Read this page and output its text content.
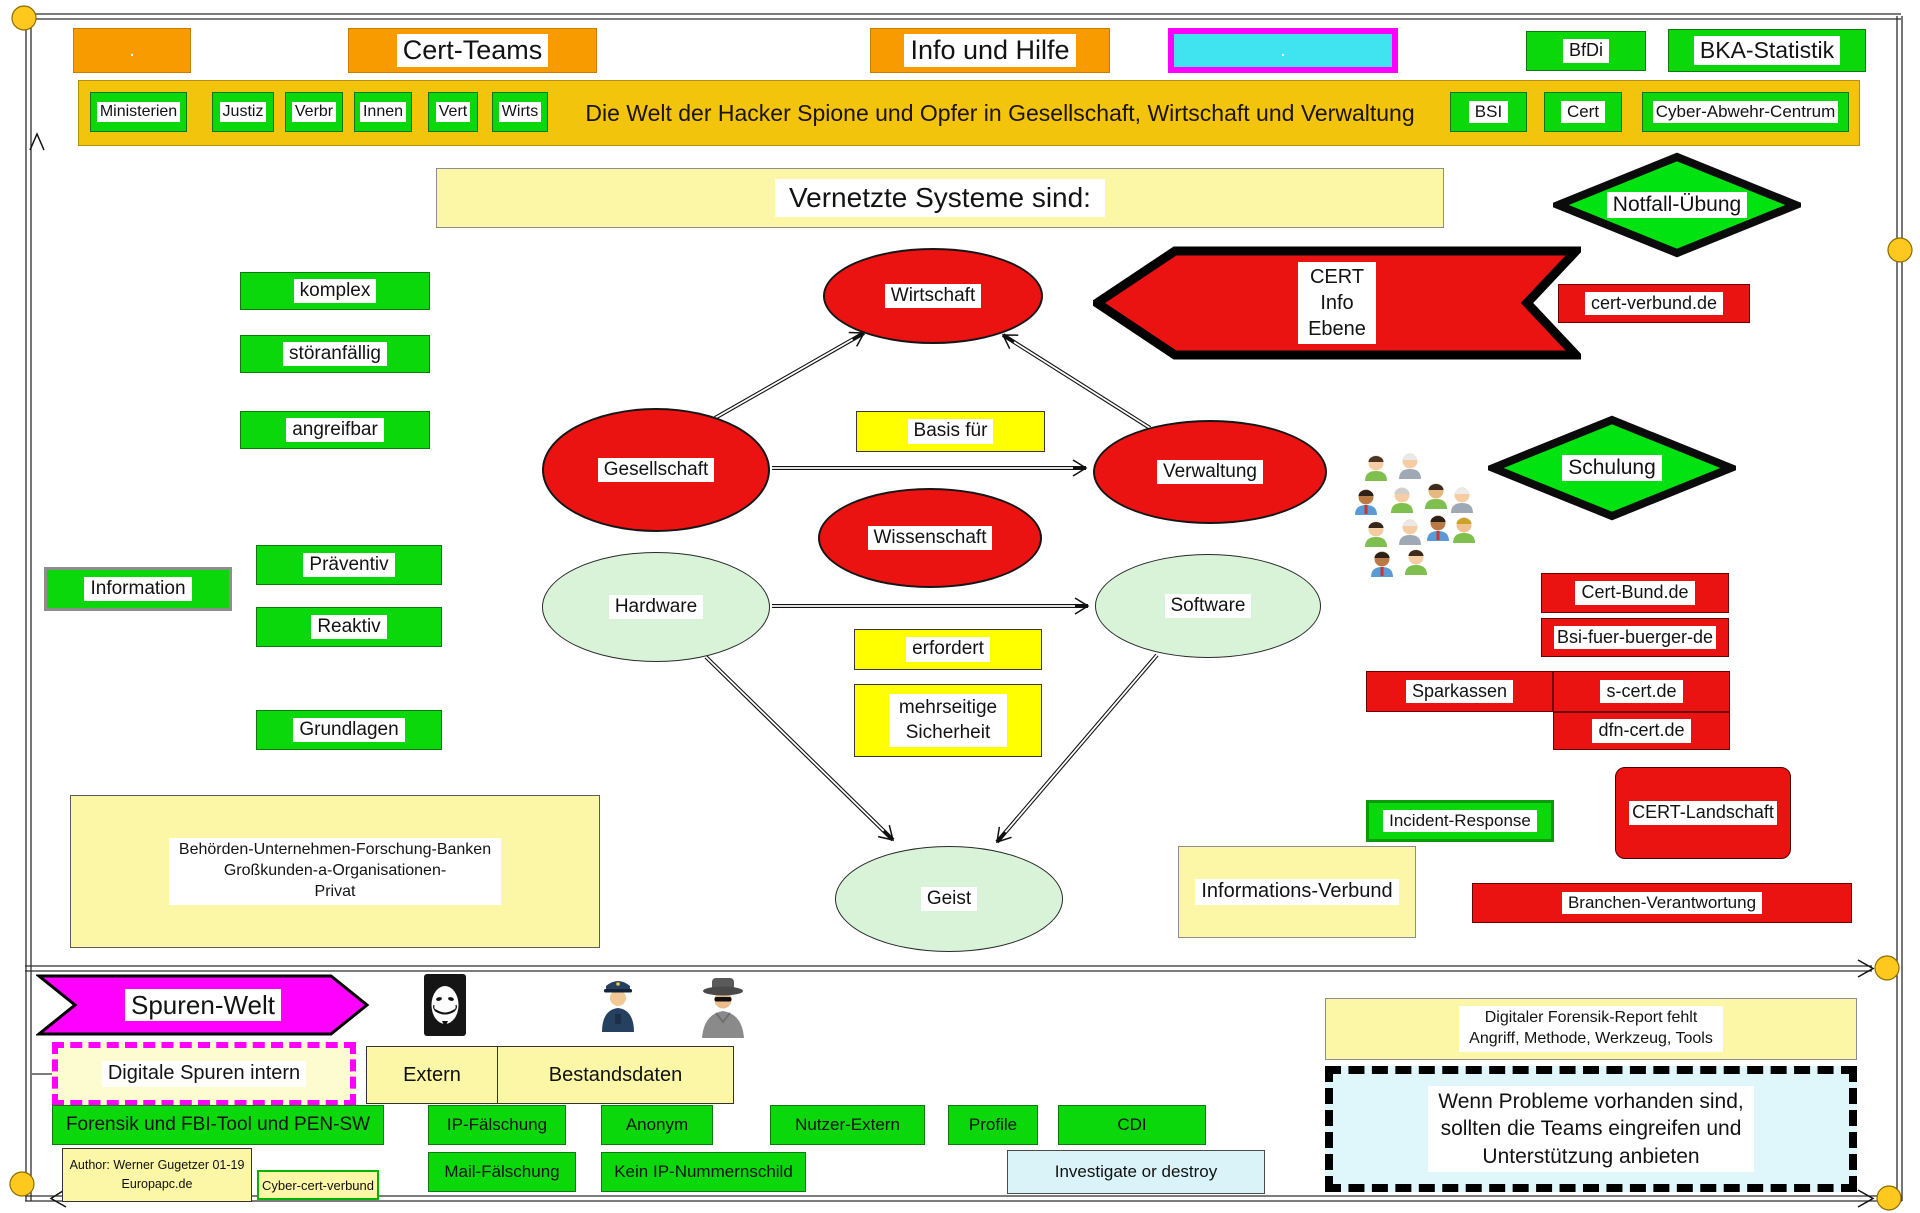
.	Cert-Teams	Info und Hilfe	.	BfDi	BKA-Statistik
Ministerien	Justiz Verbr Innen Vert Wirts Die Welt der Hacker Spione und Opfer in Gesellschaft, Wirtschaft und Verwaltung	BSI	Cert	Cyber-Abwehr-Centrum
Vernetzte Systeme sind:
komplex
störanfällig
angreifbar
Information
Präventiv
Reaktiv
Grundlagen
Behörden-Unternehmen-Forschung-Banken
Großkunden-a-Organisationen-
Privat
Wirtschaft
Gesellschaft	Verwaltung
Wissenschaft
Hardware	Software
Geist
Basis für
erfordert
mehrseitige
Sicherheit
CERT
Info
Ebene
Notfall-Übung
Schulung
cert-verbund.de
Cert-Bund.de
Bsi-fuer-buerger-de
Sparkassen	s-cert.de
dfn-cert.de
Incident-Response	CERT-Landschaft
Informations-Verbund
Branchen-Verantwortung
Spuren-Welt
Digitale Spuren intern	Extern	Bestandsdaten
Forensik und FBI-Tool und PEN-SW	IP-Fälschung	Anonym	Nutzer-Extern	Profile	CDI
Mail-Fälschung	Kein IP-Nummernschild
Author: Werner Gugetzer 01-19
Europapc.de	Cyber-cert-verbund
Investigate or destroy
Digitaler Forensik-Report fehlt
Angriff, Methode, Werkzeug, Tools
Wenn Probleme vorhanden sind,
sollten die Teams eingreifen und
Unterstützung anbieten
